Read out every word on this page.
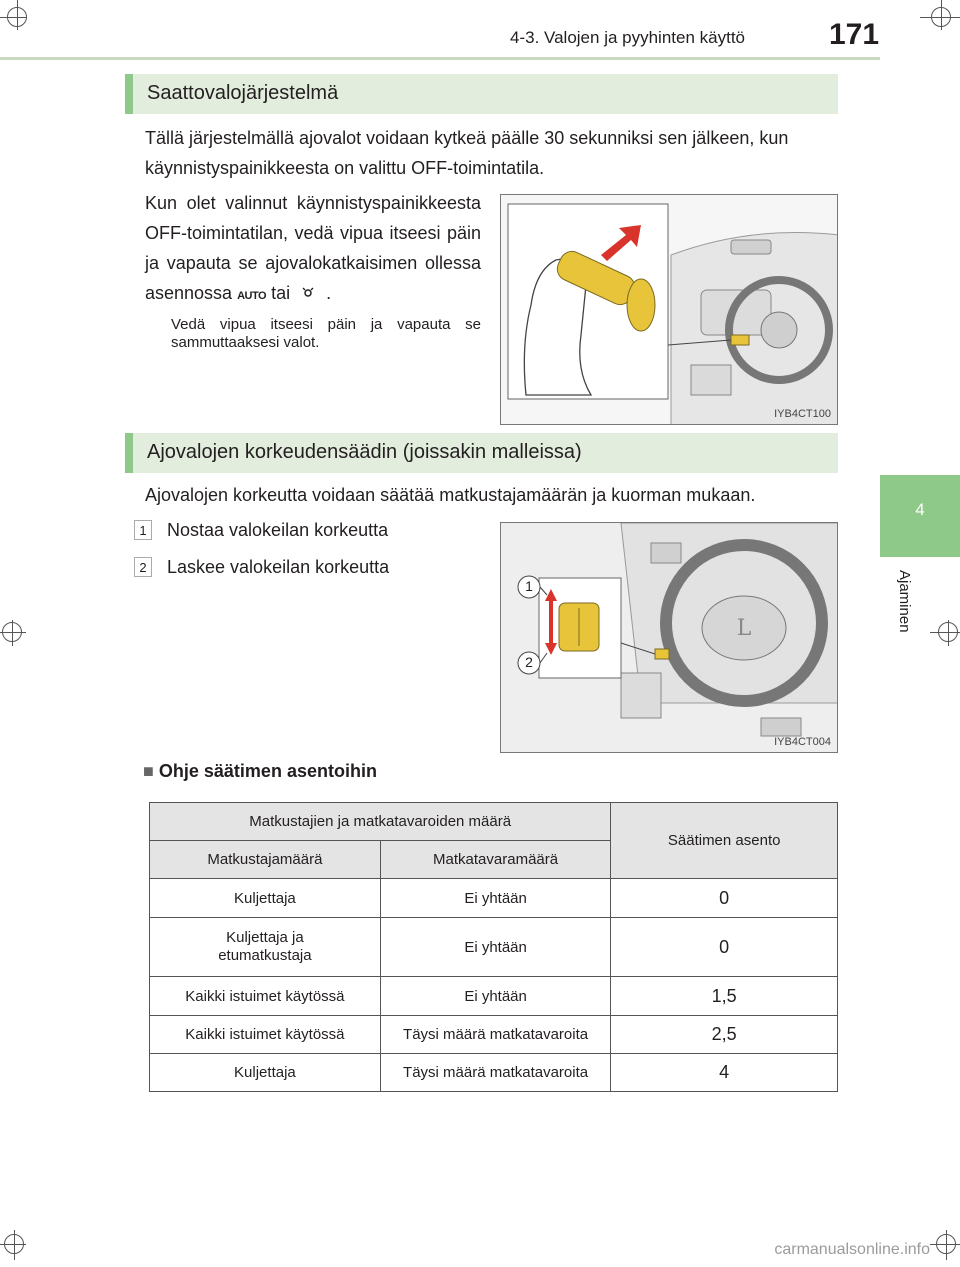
4-3. Valojen ja pyyhinten käyttö	171
4
Ajaminen
Saattovalojärjestelmä
Tällä järjestelmällä ajovalot voidaan kytkeä päälle 30 sekunniksi sen jälkeen, kun käynnistyspainikkeesta on valittu OFF-toimintatila.
Kun olet valinnut käynnistyspainikkeesta OFF-toimintatilan, vedä vipua itseesi päin ja vapauta se ajovalokatkaisimen ollessa asennossa AUTO tai .
Vedä vipua itseesi päin ja vapauta se sammuttaaksesi valot.
IYB4CT100
Ajovalojen korkeudensäädin (joissakin malleissa)
Ajovalojen korkeutta voidaan säätää matkustajamäärän ja kuorman mukaan.
1 Nostaa valokeilan korkeutta
2 Laskee valokeilan korkeutta
L
1
2
IYB4CT004
■ Ohje säätimen asentoihin
Matkustajien ja matkatavaroiden määrä		Säätimen asento
Matkustajamäärä	Matkatavaramäärä	
Kuljettaja	Ei yhtään	0

Kuljettaja ja etumatkustaja	Ei yhtään	0
Kaikki istuimet käytössä	Ei yhtään	1,5
Kaikki istuimet käytössä	Täysi määrä matkatavaroita	2,5
Kuljettaja	Täysi määrä matkatavaroita	4
carmanualsonline.info
